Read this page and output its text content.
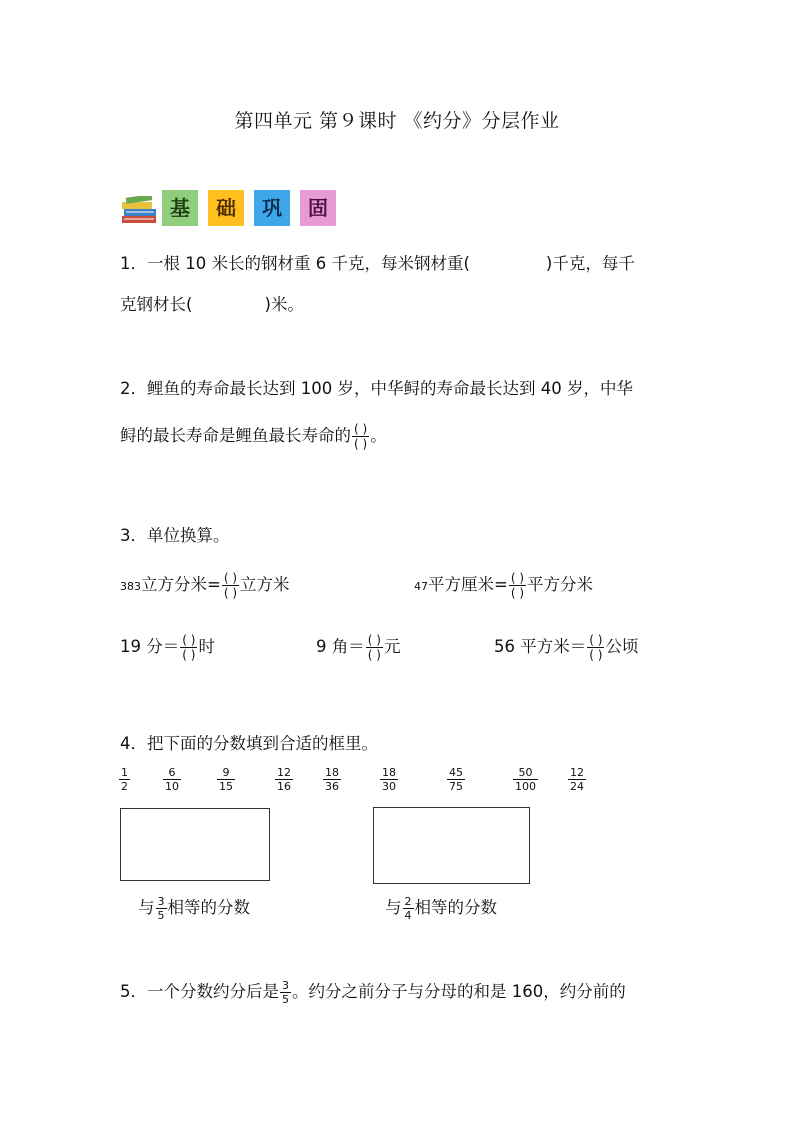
第四单元 第９课时 《约分》分层作业
基	础	巩	固
1．一根 10 米长的钢材重 6 千克，每米钢材重(	)千克，每千
克钢材长(	)米。
2．鲤鱼的寿命最长达到 100 岁，中华鲟的寿命最长达到 40 岁，中华
鲟的最长寿命是鲤鱼最长寿命的 $\frac{( )}{( )}$ 。
3．单位换算。
383立方分米= $\frac{( )}{( )}$ 立方米	47平方厘米= $\frac{( )}{( )}$ 平方分米
19 分＝ $\frac{( )}{( )}$ 时	9 角＝ $\frac{( )}{( )}$ 元	56 平方米＝ $\frac{( )}{( )}$ 公顷
4．把下面的分数填到合适的框里。
$\frac{1}{2}$	$\frac{6}{10}$	$\frac{9}{15}$	$\frac{12}{16}$	$\frac{18}{36}$	$\frac{18}{30}$	$\frac{45}{75}$	$\frac{50}{100}$	$\frac{12}{24}$
与 $\frac{3}{5}$ 相等的分数	与 $\frac{2}{4}$ 相等的分数
5．一个分数约分后是 $\frac{3}{5}$ 。约分之前分子与分母的和是 160，约分前的
